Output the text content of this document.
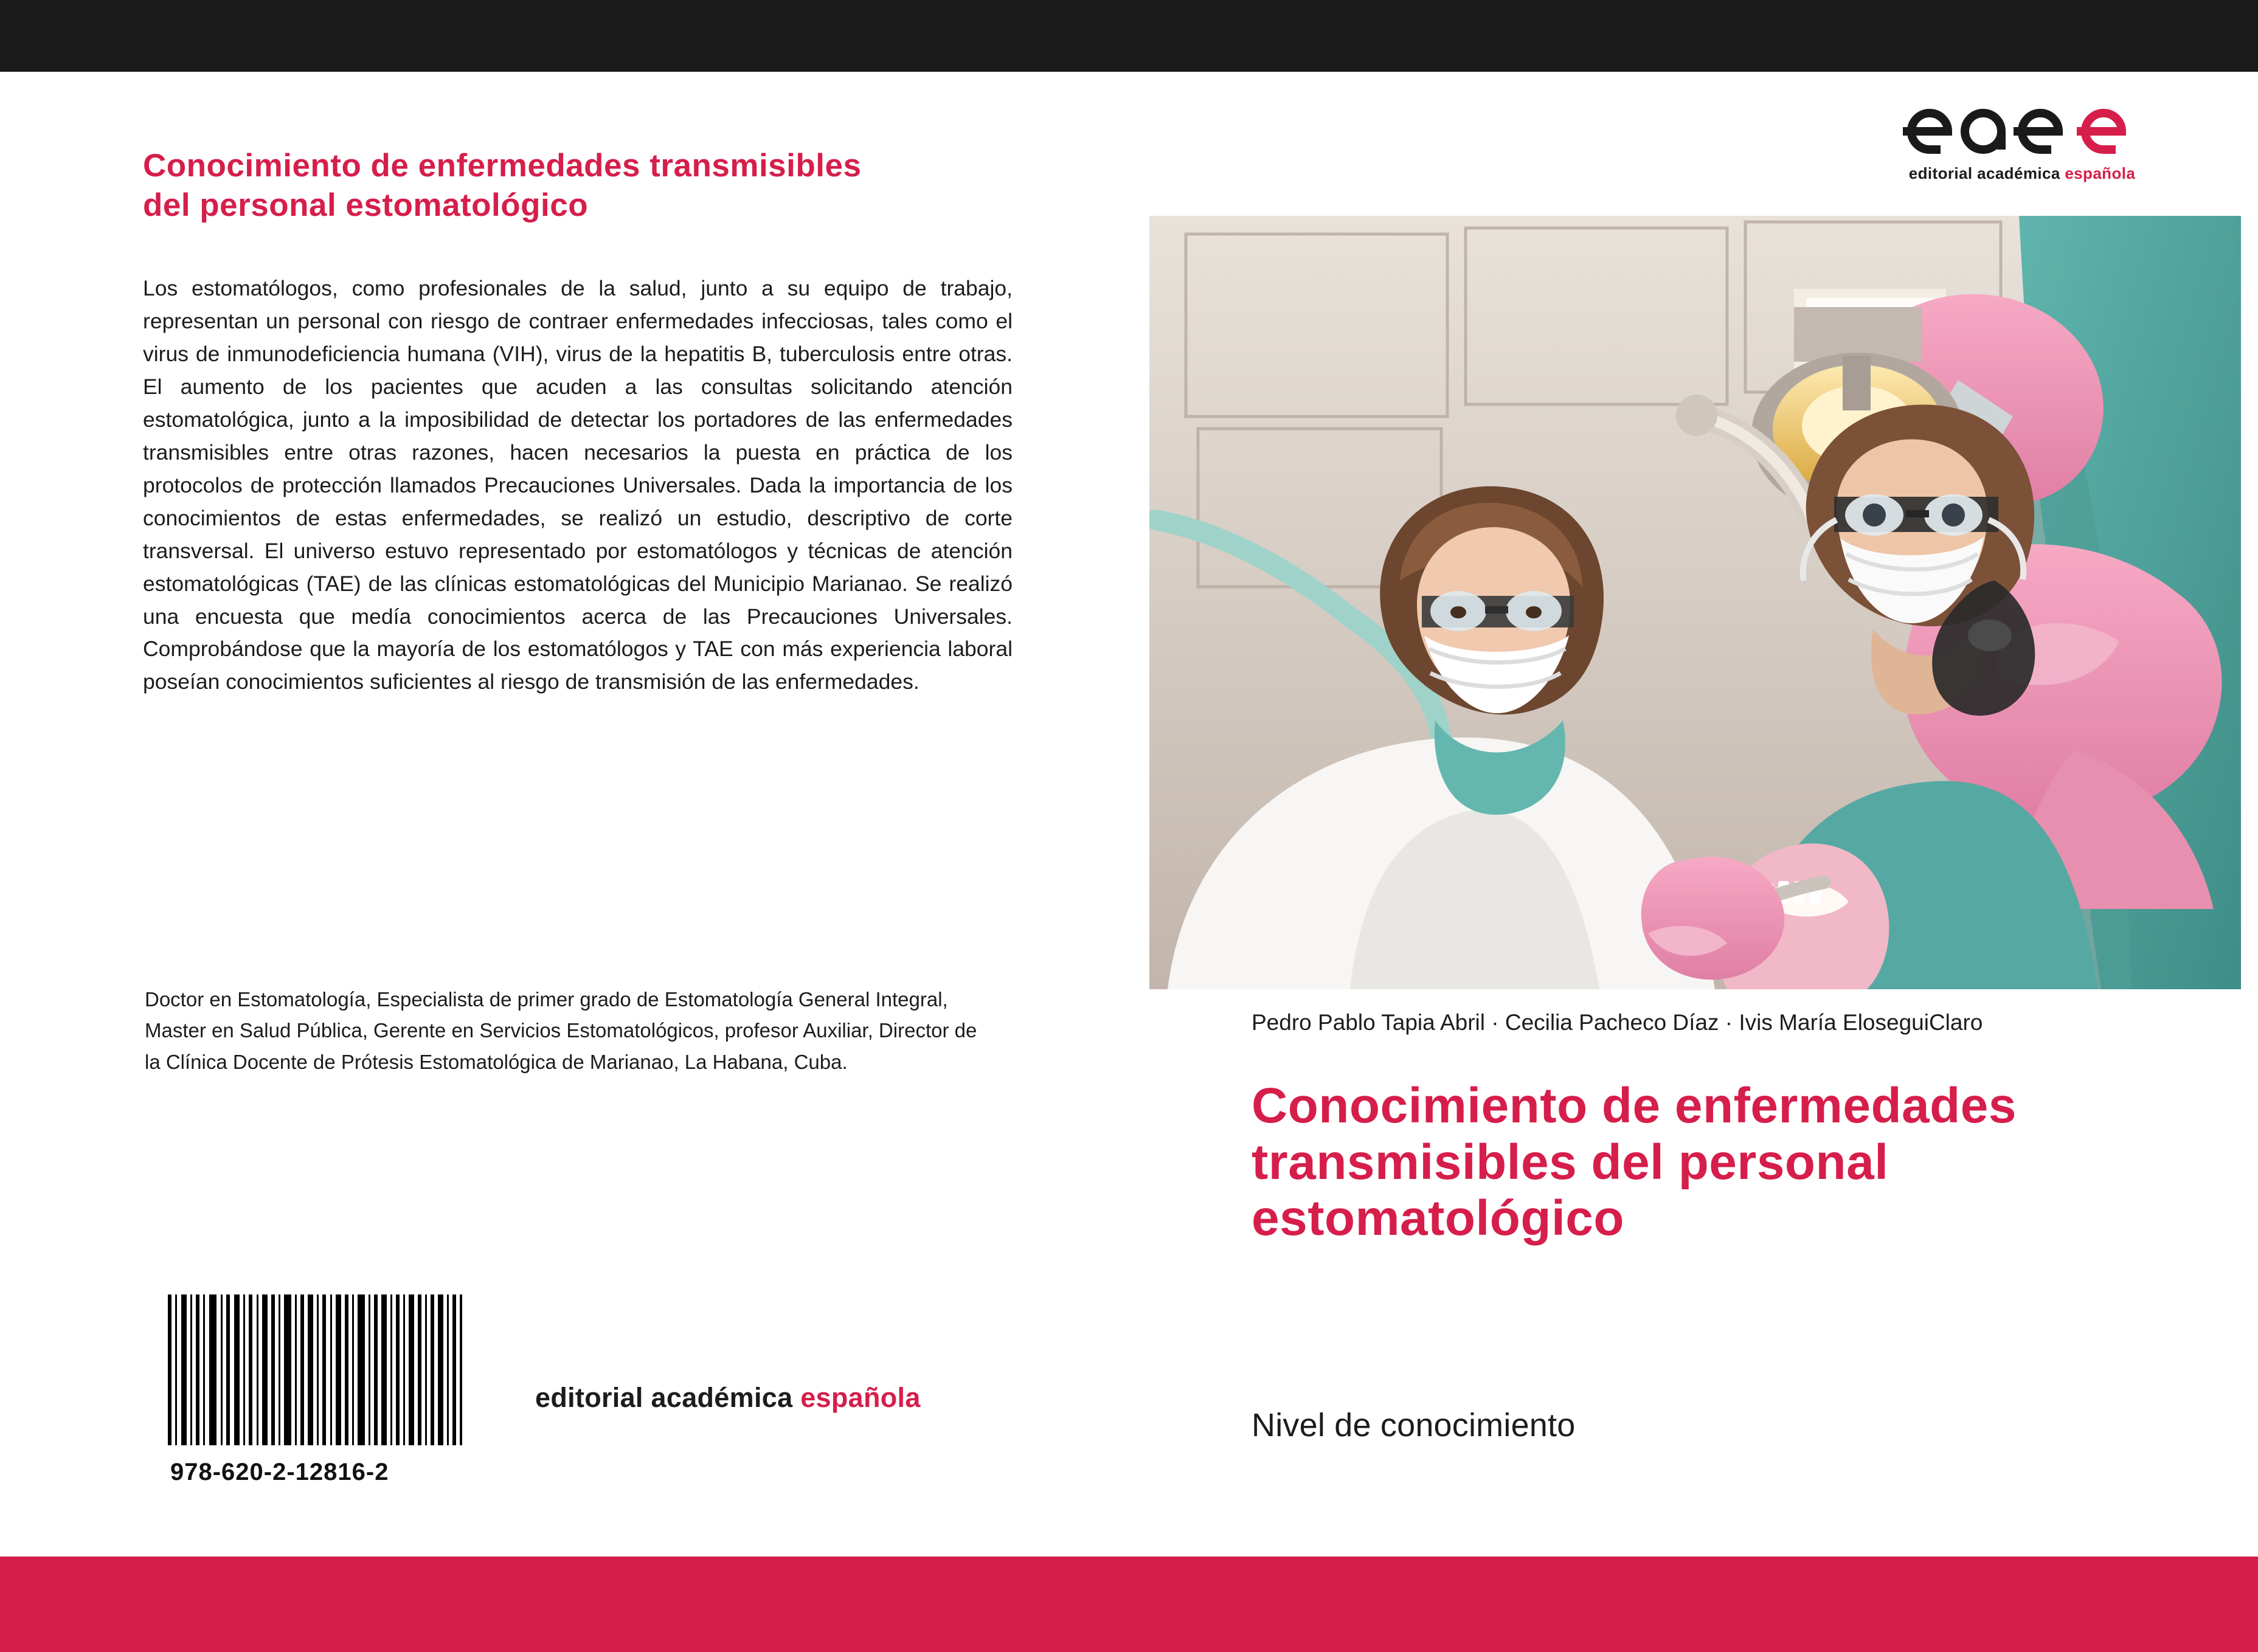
Conocimiento de enfermedades transmisibles del personal estomatológico
Los estomatólogos, como profesionales de la salud, junto a su equipo de trabajo, representan un personal con riesgo de contraer enfermedades infecciosas, tales como el virus de inmunodeficiencia humana (VIH), virus de la hepatitis B, tuberculosis entre otras. El aumento de los pacientes que acuden a las consultas solicitando atención estomatológica, junto a la imposibilidad de detectar los portadores de las enfermedades transmisibles entre otras razones, hacen necesarios la puesta en práctica de los protocolos de protección llamados Precauciones Universales. Dada la importancia de los conocimientos de estas enfermedades, se realizó un estudio, descriptivo de corte transversal. El universo estuvo representado por estomatólogos y técnicas de atención estomatológicas (TAE) de las clínicas estomatológicas del Municipio Marianao. Se realizó una encuesta que medía conocimientos acerca de las Precauciones Universales. Comprobándose que la mayoría de los estomatólogos y TAE con más experiencia laboral poseían conocimientos suficientes al riesgo de transmisión de las enfermedades.
Doctor en Estomatología, Especialista de primer grado de Estomatología General Integral, Master en Salud Pública, Gerente en Servicios Estomatológicos, profesor Auxiliar, Director de la Clínica Docente de Prótesis Estomatológica de Marianao, La Habana, Cuba.
978-620-2-12816-2
editorial académica española
editorial académica española
Pedro Pablo Tapia Abril · Cecilia Pacheco Díaz · Ivis María EloseguiClaro
Conocimiento de enfermedades transmisibles del personal estomatológico
Nivel de conocimiento
